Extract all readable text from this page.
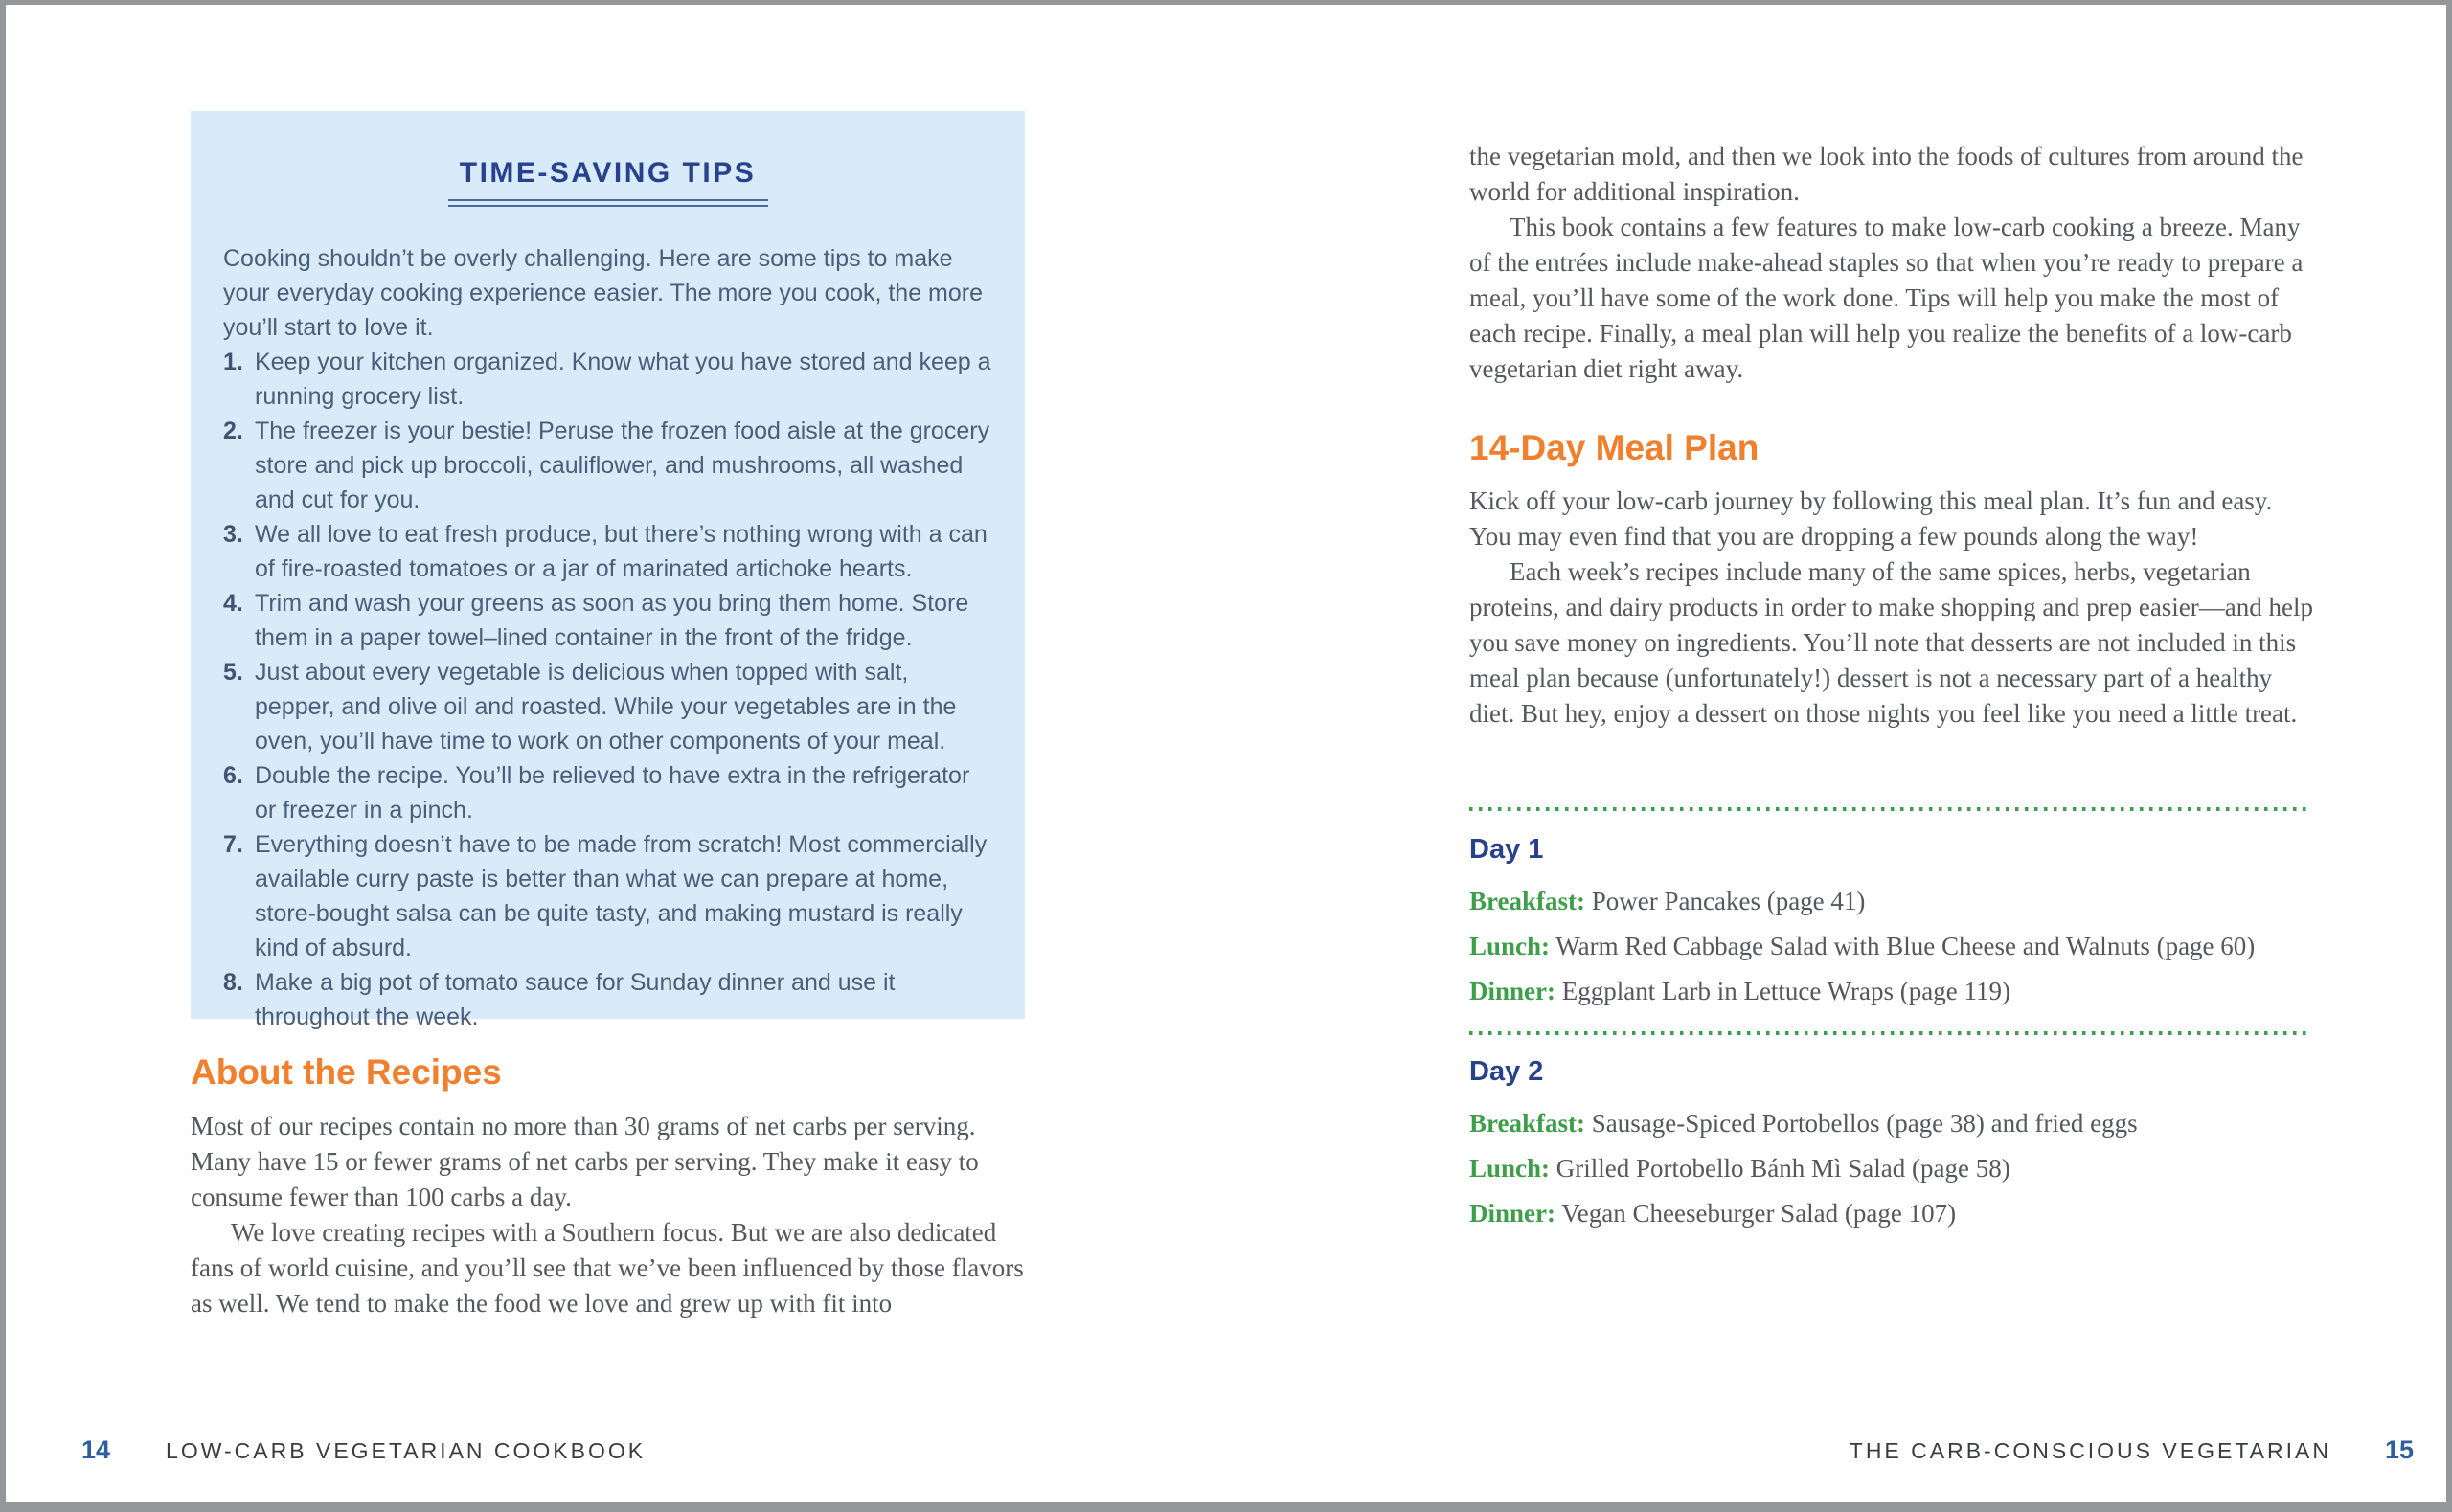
TIME-SAVING TIPS

Cooking shouldn’t be overly challenging. Here are some tips to make your everyday cooking experience easier. The more you cook, the more you’ll start to love it.

1. Keep your kitchen organized. Know what you have stored and keep a running grocery list.
2. The freezer is your bestie! Peruse the frozen food aisle at the grocery store and pick up broccoli, cauliflower, and mushrooms, all washed and cut for you.
3. We all love to eat fresh produce, but there’s nothing wrong with a can of fire-roasted tomatoes or a jar of marinated artichoke hearts.
4. Trim and wash your greens as soon as you bring them home. Store them in a paper towel–lined container in the front of the fridge.
5. Just about every vegetable is delicious when topped with salt, pepper, and olive oil and roasted. While your vegetables are in the oven, you’ll have time to work on other components of your meal.
6. Double the recipe. You’ll be relieved to have extra in the refrigerator or freezer in a pinch.
7. Everything doesn’t have to be made from scratch! Most commercially available curry paste is better than what we can prepare at home, store-bought salsa can be quite tasty, and making mustard is really kind of absurd.
8. Make a big pot of tomato sauce for Sunday dinner and use it throughout the week.
About the Recipes

Most of our recipes contain no more than 30 grams of net carbs per serving. Many have 15 or fewer grams of net carbs per serving. They make it easy to consume fewer than 100 carbs a day.

We love creating recipes with a Southern focus. But we are also dedicated fans of world cuisine, and you’ll see that we’ve been influenced by those flavors as well. We tend to make the food we love and grew up with fit into

14	LOW-CARB VEGETARIAN COOKBOOK

the vegetarian mold, and then we look into the foods of cultures from around the world for additional inspiration.

This book contains a few features to make low-carb cooking a breeze. Many of the entrées include make-ahead staples so that when you’re ready to prepare a meal, you’ll have some of the work done. Tips will help you make the most of each recipe. Finally, a meal plan will help you realize the benefits of a low-carb vegetarian diet right away.

14-Day Meal Plan

Kick off your low-carb journey by following this meal plan. It’s fun and easy. You may even find that you are dropping a few pounds along the way!

Each week’s recipes include many of the same spices, herbs, vegetarian proteins, and dairy products in order to make shopping and prep easier—and help you save money on ingredients. You’ll note that desserts are not included in this meal plan because (unfortunately!) dessert is not a necessary part of a healthy diet. But hey, enjoy a dessert on those nights you feel like you need a little treat.

Day 1

Breakfast: Power Pancakes (page 41)

Lunch: Warm Red Cabbage Salad with Blue Cheese and Walnuts (page 60)

Dinner: Eggplant Larb in Lettuce Wraps (page 119)

Day 2

Breakfast: Sausage-Spiced Portobellos (page 38) and fried eggs

Lunch: Grilled Portobello Bánh Mì Salad (page 58)

Dinner: Vegan Cheeseburger Salad (page 107)

THE CARB-CONSCIOUS VEGETARIAN 15
